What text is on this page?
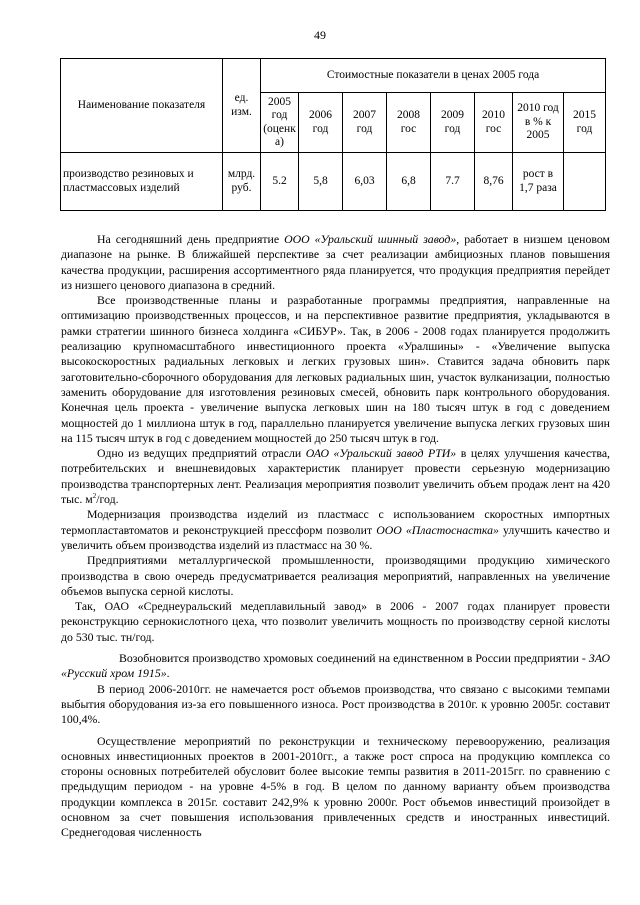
49
Наименование показателя	ед. изм.	Стоимостные показатели в ценах 2005 года							
		2005 год (оценк а)	2006 год	2007 год	2008 гос	2009 год	2010 гос	2010 год в % к 2005	2015 год
производство резиновых и пластмассовых изделий	млрд. руб.	5.2	5,8	6,03	6,8	7.7	8,76	рост в 1,7 раза	

На сегодняшний день предприятие ООО «Уральский шинный завод», работает в низшем ценовом диапазоне на рынке. В ближайшей перспективе за счет реализации амбициозных планов повышения качества продукции, расширения ассортиментного ряда планируется, что продукция предприятия перейдет из низшего ценового диапазона в средний.

Все производственные планы и разработанные программы предприятия, направленные на оптимизацию производственных процессов, и на перспективное развитие предприятия, укладываются в рамки стратегии шинного бизнеса холдинга «СИБУР». Так, в 2006 - 2008 годах планируется продолжить реализацию крупномасштабного инвестиционного проекта «Уралшины» - «Увеличение выпуска высокоскоростных радиальных легковых и легких грузовых шин». Ставится задача обновить парк заготовительно-сборочного оборудования для легковых радиальных шин, участок вулканизации, полностью заменить оборудование для изготовления резиновых смесей, обновить парк контрольного оборудования. Конечная цель проекта - увеличение выпуска легковых шин на 180 тысяч штук в год с доведением мощностей до 1 миллиона штук в год, параллельно планируется увеличение выпуска легких грузовых шин на 115 тысяч штук в год с доведением мощностей до 250 тысяч штук в год.

Одно из ведущих предприятий отрасли ОАО «Уральский завод РТИ» в целях улучшения качества, потребительских и внешневидовых характеристик планирует провести серьезную модернизацию производства транспортерных лент. Реализация мероприятия позволит увеличить объем продаж лент на 420 тыс. $м^2$/год.

Модернизация производства изделий из пластмасс с использованием скоростных импортных термопластавтоматов и реконструкцией прессформ позволит ООО «Пластоснастка» улучшить качество и увеличить объем производства изделий из пластмасс на 30 %.

Предприятиями металлургической промышленности, производящими продукцию химического производства в свою очередь предусматривается реализация мероприятий, направленных на увеличение объемов выпуска серной кислоты.

Так, ОАО «Среднеуральский медеплавильный завод» в 2006 - 2007 годах планирует провести реконструкцию сернокислотного цеха, что позволит увеличить мощность по производству серной кислоты до 530 тыс. тн/год.

Возобновится производство хромовых соединений на единственном в России предприятии - ЗАО «Русский хром 1915».

В период 2006-2010гг. не намечается рост объемов производства, что связано с высокими темпами выбытия оборудования из-за его повышенного износа. Рост производства в 2010г. к уровню 2005г. составит 100,4%.

Осуществление мероприятий по реконструкции и техническому перевооружению, реализация основных инвестиционных проектов в 2001-2010гг., а также рост спроса на продукцию комплекса со стороны основных потребителей обусловит более высокие темпы развития в 2011-2015гг. по сравнению с предыдущим периодом - на уровне 4-5% в год. В целом по данному варианту объем производства продукции комплекса в 2015г. составит 242,9% к уровню 2000г. Рост объемов инвестиций произойдет в основном за счет повышения использования привлеченных средств и иностранных инвестиций. Среднегодовая численность
